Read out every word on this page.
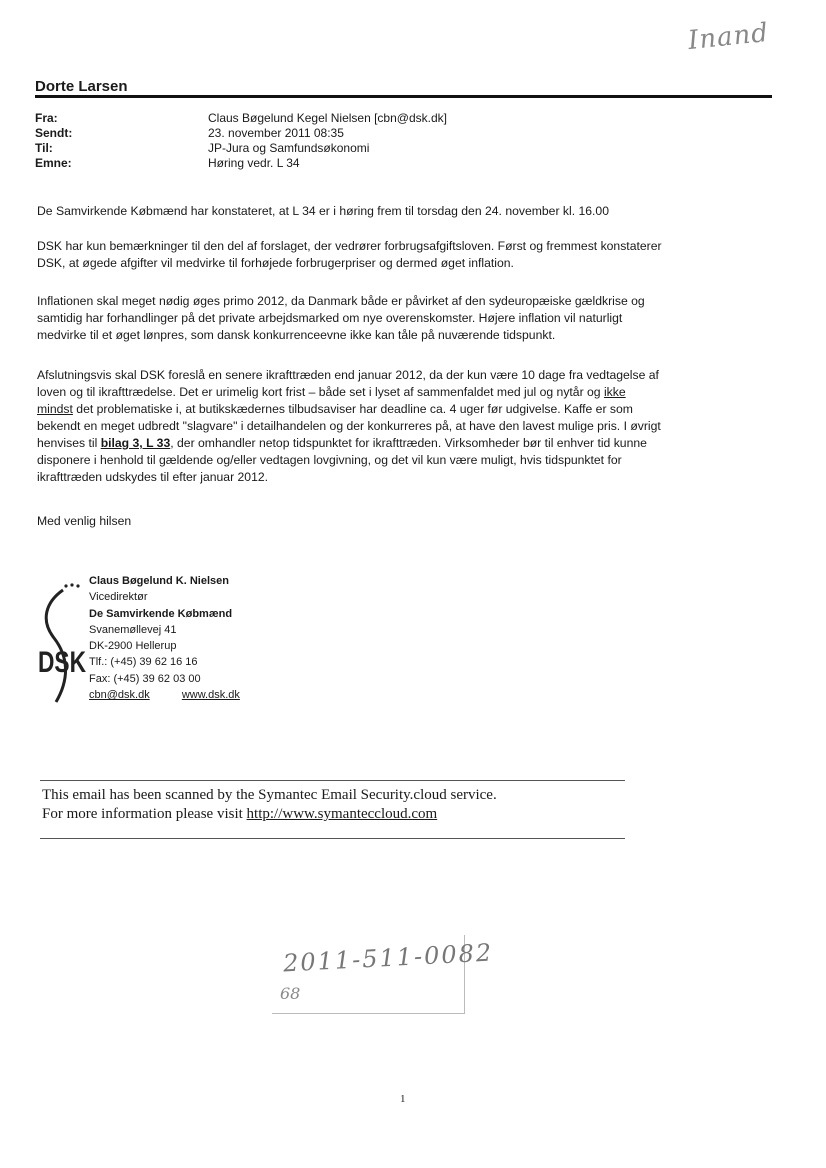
Inand
Dorte Larsen
Fra:	Claus Bøgelund Kegel Nielsen [cbn@dsk.dk]
Sendt:	23. november 2011 08:35
Til:	JP-Jura og Samfundsøkonomi
Emne:	Høring vedr. L 34

De Samvirkende Købmænd har konstateret, at L 34 er i høring frem til torsdag den 24. november kl. 16.00

DSK har kun bemærkninger til den del af forslaget, der vedrører forbrugsafgiftsloven. Først og fremmest konstaterer

DSK, at øgede afgifter vil medvirke til forhøjede forbrugerpriser og dermed øget inflation.

Inflationen skal meget nødig øges primo 2012, da Danmark både er påvirket af den sydeuropæiske gældkrise og

samtidig har forhandlinger på det private arbejdsmarked om nye overenskomster. Højere inflation vil naturligt

medvirke til et øget lønpres, som dansk konkurrenceevne ikke kan tåle på nuværende tidspunkt.

Afslutningsvis skal DSK foreslå en senere ikrafttræden end januar 2012, da der kun være 10 dage fra vedtagelse af

loven og til ikrafttrædelse. Det er urimelig kort frist – både set i lyset af sammenfaldet med jul og nytår og ikke

mindst det problematiske i, at butikskædernes tilbudsaviser har deadline ca. 4 uger før udgivelse. Kaffe er som

bekendt en meget udbredt "slagvare" i detailhandelen og der konkurreres på, at have den lavest mulige pris. I øvrigt

henvises til bilag 3, L 33, der omhandler netop tidspunktet for ikrafttræden. Virksomheder bør til enhver tid kunne

disponere i henhold til gældende og/eller vedtagen lovgivning, og det vil kun være muligt, hvis tidspunktet for

ikrafttræden udskydes til efter januar 2012.

Med venlig hilsen

DSK
Claus Bøgelund K. Nielsen
Vicedirektør
De Samvirkende Købmænd
Svanemøllevej 41
DK-2900 Hellerup
Tlf.: (+45) 39 62 16 16
Fax: (+45) 39 62 03 00
cbn@dsk.dk	www.dsk.dk
This email has been scanned by the Symantec Email Security.cloud service.
For more information please visit http://www.symanteccloud.com
2011-511-0082
68
1
